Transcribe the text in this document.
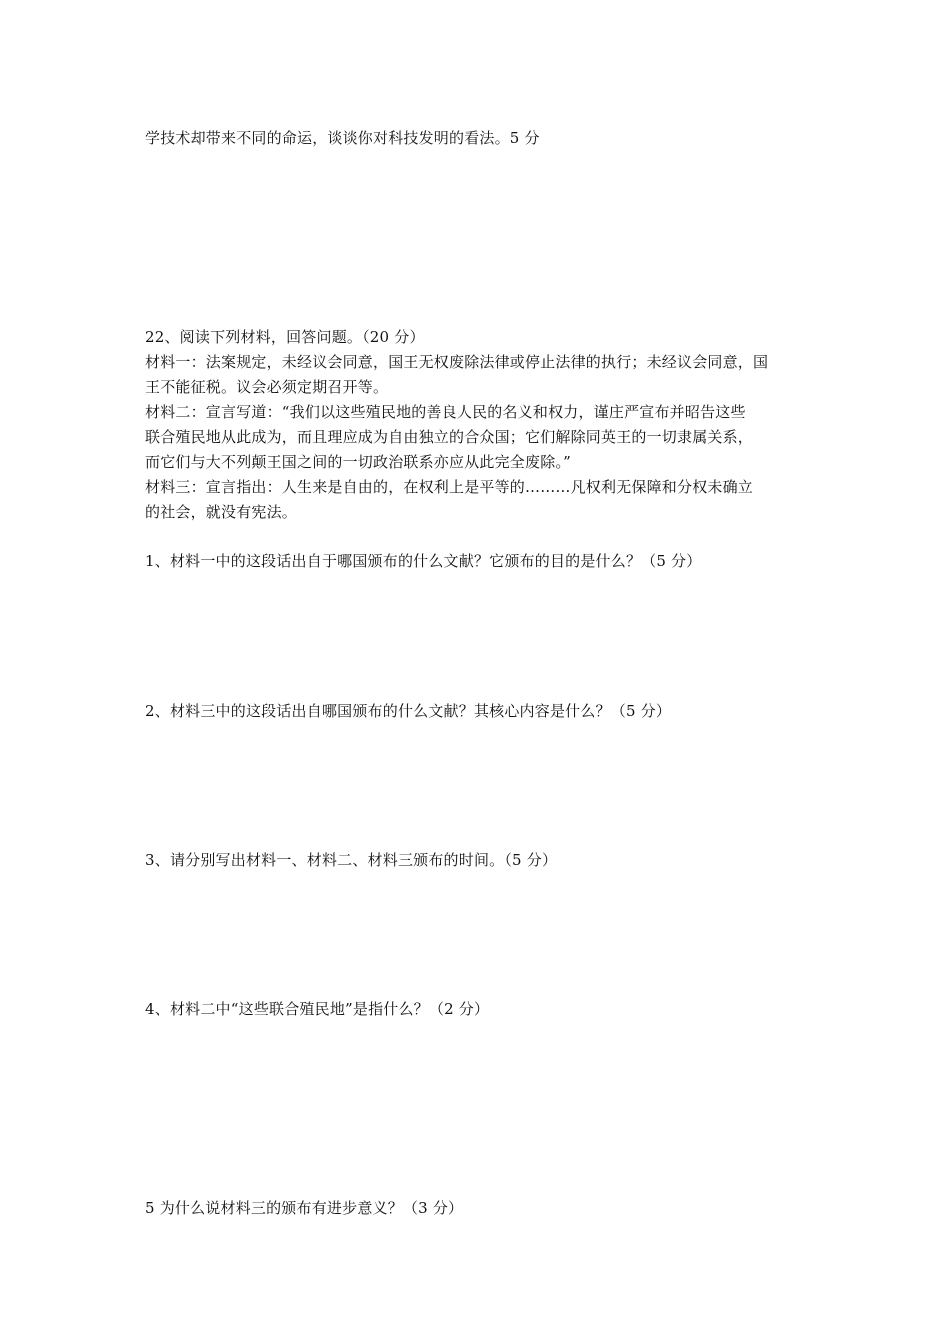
学技术却带来不同的命运，谈谈你对科技发明的看法。5 分
22、阅读下列材料，回答问题。（20 分）
材料一：法案规定，未经议会同意，国王无权废除法律或停止法律的执行；未经议会同意，国
王不能征税。议会必须定期召开等。
材料二：宣言写道：“我们以这些殖民地的善良人民的名义和权力，谨庄严宣布并昭告这些
联合殖民地从此成为，而且理应成为自由独立的合众国；它们解除同英王的一切隶属关系，
而它们与大不列颠王国之间的一切政治联系亦应从此完全废除。”
材料三：宣言指出：人生来是自由的，在权利上是平等的………凡权利无保障和分权未确立
的社会，就没有宪法。
1、材料一中的这段话出自于哪国颁布的什么文献？它颁布的目的是什么？（5 分）
2、材料三中的这段话出自哪国颁布的什么文献？其核心内容是什么？（5 分）
3、请分别写出材料一、材料二、材料三颁布的时间。（5 分）
4、材料二中“这些联合殖民地”是指什么？（2 分）
5 为什么说材料三的颁布有进步意义？（3 分）
